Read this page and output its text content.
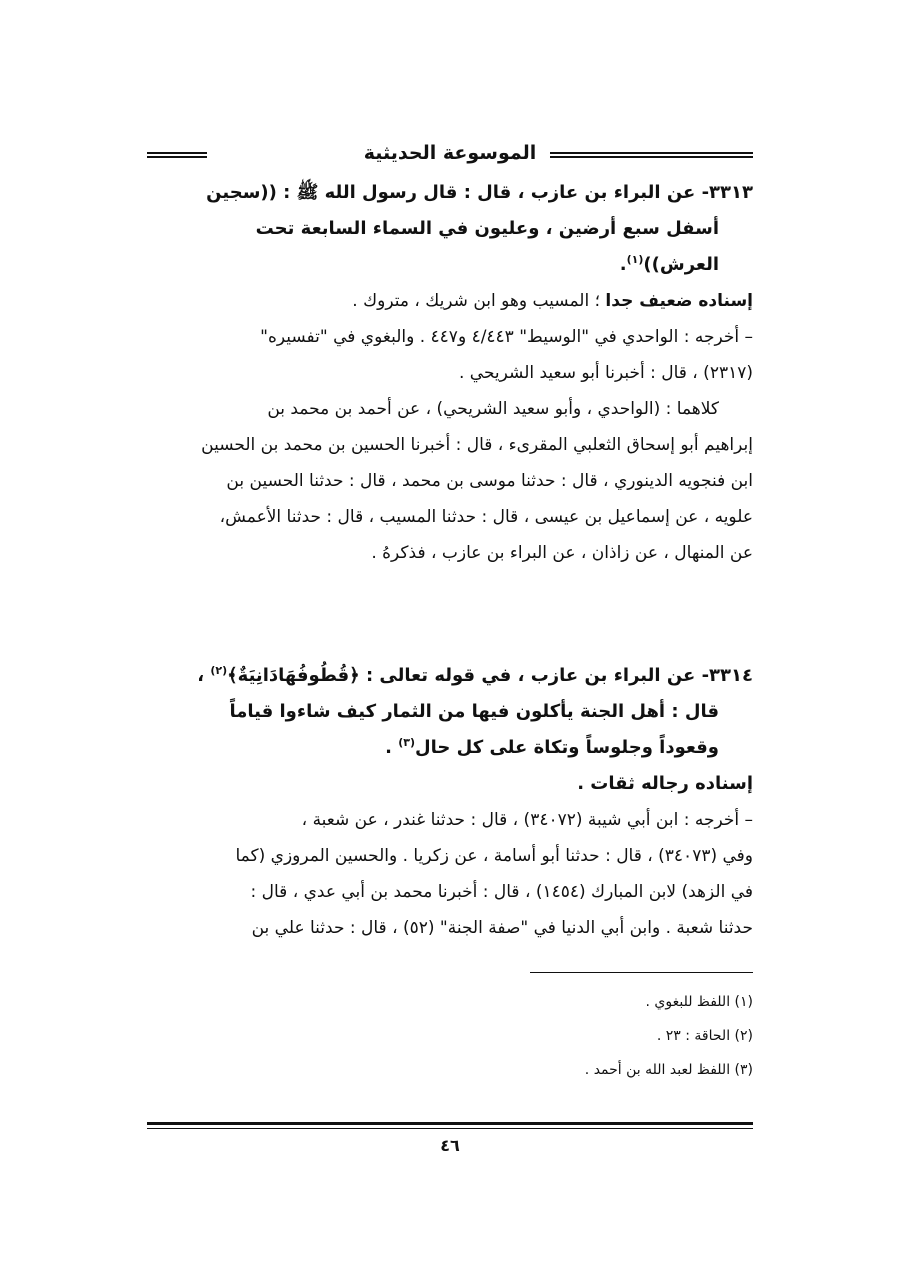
الموسوعة الحديثية
٣٣١٣- عن البراء بن عازب ، قال : قال رسول الله ﷺ : ((سجين
أسفل سبع أرضين ، وعليون في السماء السابعة تحت
العرش))$^{(١)}$.
إسناده ضعيف جدا ؛ المسيب وهو ابن شريك ، متروك .
– أخرجه : الواحدي في "الوسيط" ٤/٤٤٣ و٤٤٧ . والبغوي في "تفسيره"
(٢٣١٧) ، قال : أخبرنا أبو سعيد الشريحي .
كلاهما : (الواحدي ، وأبو سعيد الشريحي) ، عن أحمد بن محمد بن
إبراهيم أبو إسحاق الثعلبي المقرىء ، قال : أخبرنا الحسين بن محمد بن الحسين
ابن فنجويه الدينوري ، قال : حدثنا موسى بن محمد ، قال : حدثنا الحسين بن
علويه ، عن إسماعيل بن عيسى ، قال : حدثنا المسيب ، قال : حدثنا الأعمش،
عن المنهال ، عن زاذان ، عن البراء بن عازب ، فذكرهُ .
٣٣١٤- عن البراء بن عازب ، في قوله تعالى : ﴿قُطُوفُهَادَانِيَةٌ﴾$^{(٢)}$ ،
قال : أهل الجنة يأكلون فيها من الثمار كيف شاءوا قياماً
وقعوداً وجلوساً وتكاة على كل حال$^{(٣)}$ .
إسناده رجاله ثقات .
– أخرجه : ابن أبي شيبة (٣٤٠٧٢) ، قال : حدثنا غندر ، عن شعبة ،
وفي (٣٤٠٧٣) ، قال : حدثنا أبو أسامة ، عن زكريا . والحسين المروزي (كما
في الزهد) لابن المبارك (١٤٥٤) ، قال : أخبرنا محمد بن أبي عدي ، قال :
حدثنا شعبة . وابن أبي الدنيا في "صفة الجنة" (٥٢) ، قال : حدثنا علي بن
(١) اللفظ للبغوي .
(٢) الحاقة : ٢٣ .
(٣) اللفظ لعبد الله بن أحمد .
٤٦
